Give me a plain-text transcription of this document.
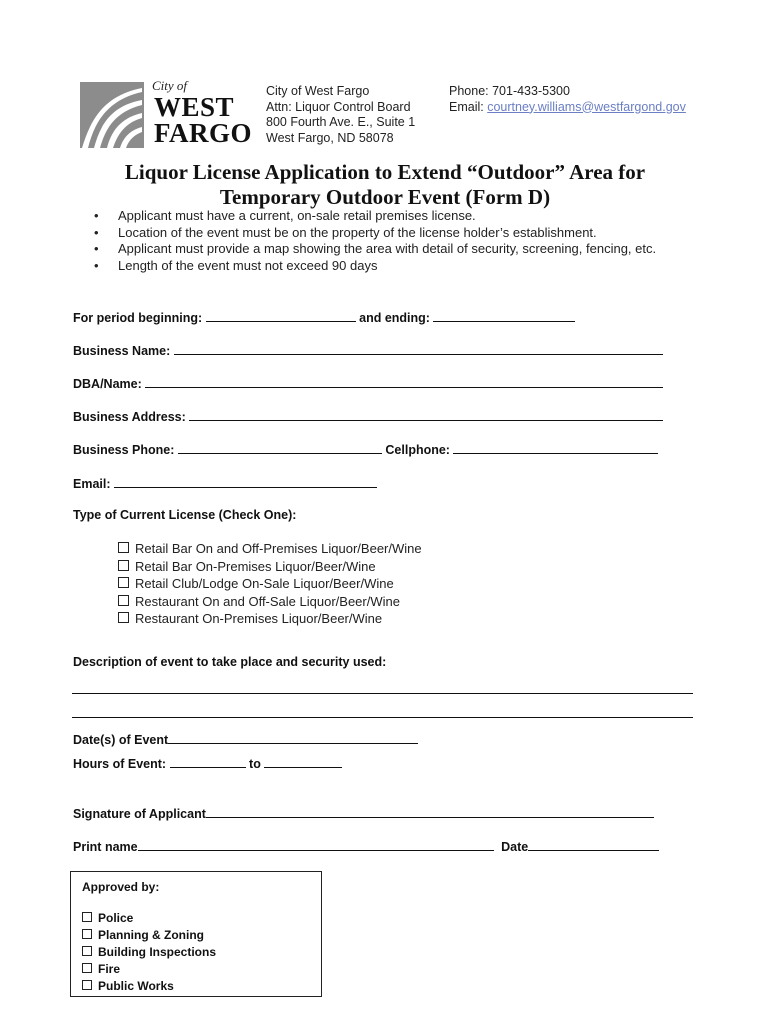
City of
WEST
FARGO
City of West Fargo
Attn: Liquor Control Board
800 Fourth Ave. E., Suite 1
West Fargo, ND 58078
Phone: 701-433-5300
Email: courtney.williams@westfargond.gov
Liquor License Application to Extend “Outdoor” Area for
Temporary Outdoor Event (Form D)
• Applicant must have a current, on-sale retail premises license.
• Location of the event must be on the property of the license holder’s establishment.
• Applicant must provide a map showing the area with detail of security, screening, fencing, etc.
• Length of the event must not exceed 90 days
For period beginning:	and ending:
Business Name:
DBA/Name:
Business Address:
Business Phone:	Cellphone:
Email:
Type of Current License (Check One):
Retail Bar On and Off-Premises Liquor/Beer/Wine
Retail Bar On-Premises Liquor/Beer/Wine
Retail Club/Lodge On-Sale Liquor/Beer/Wine
Restaurant On and Off-Sale Liquor/Beer/Wine
Restaurant On-Premises Liquor/Beer/Wine
Description of event to take place and security used:
Date(s) of Event
Hours of Event:	to
Signature of Applicant
Print name	Date
Approved by:
Police
Planning & Zoning
Building Inspections
Fire
Public Works
